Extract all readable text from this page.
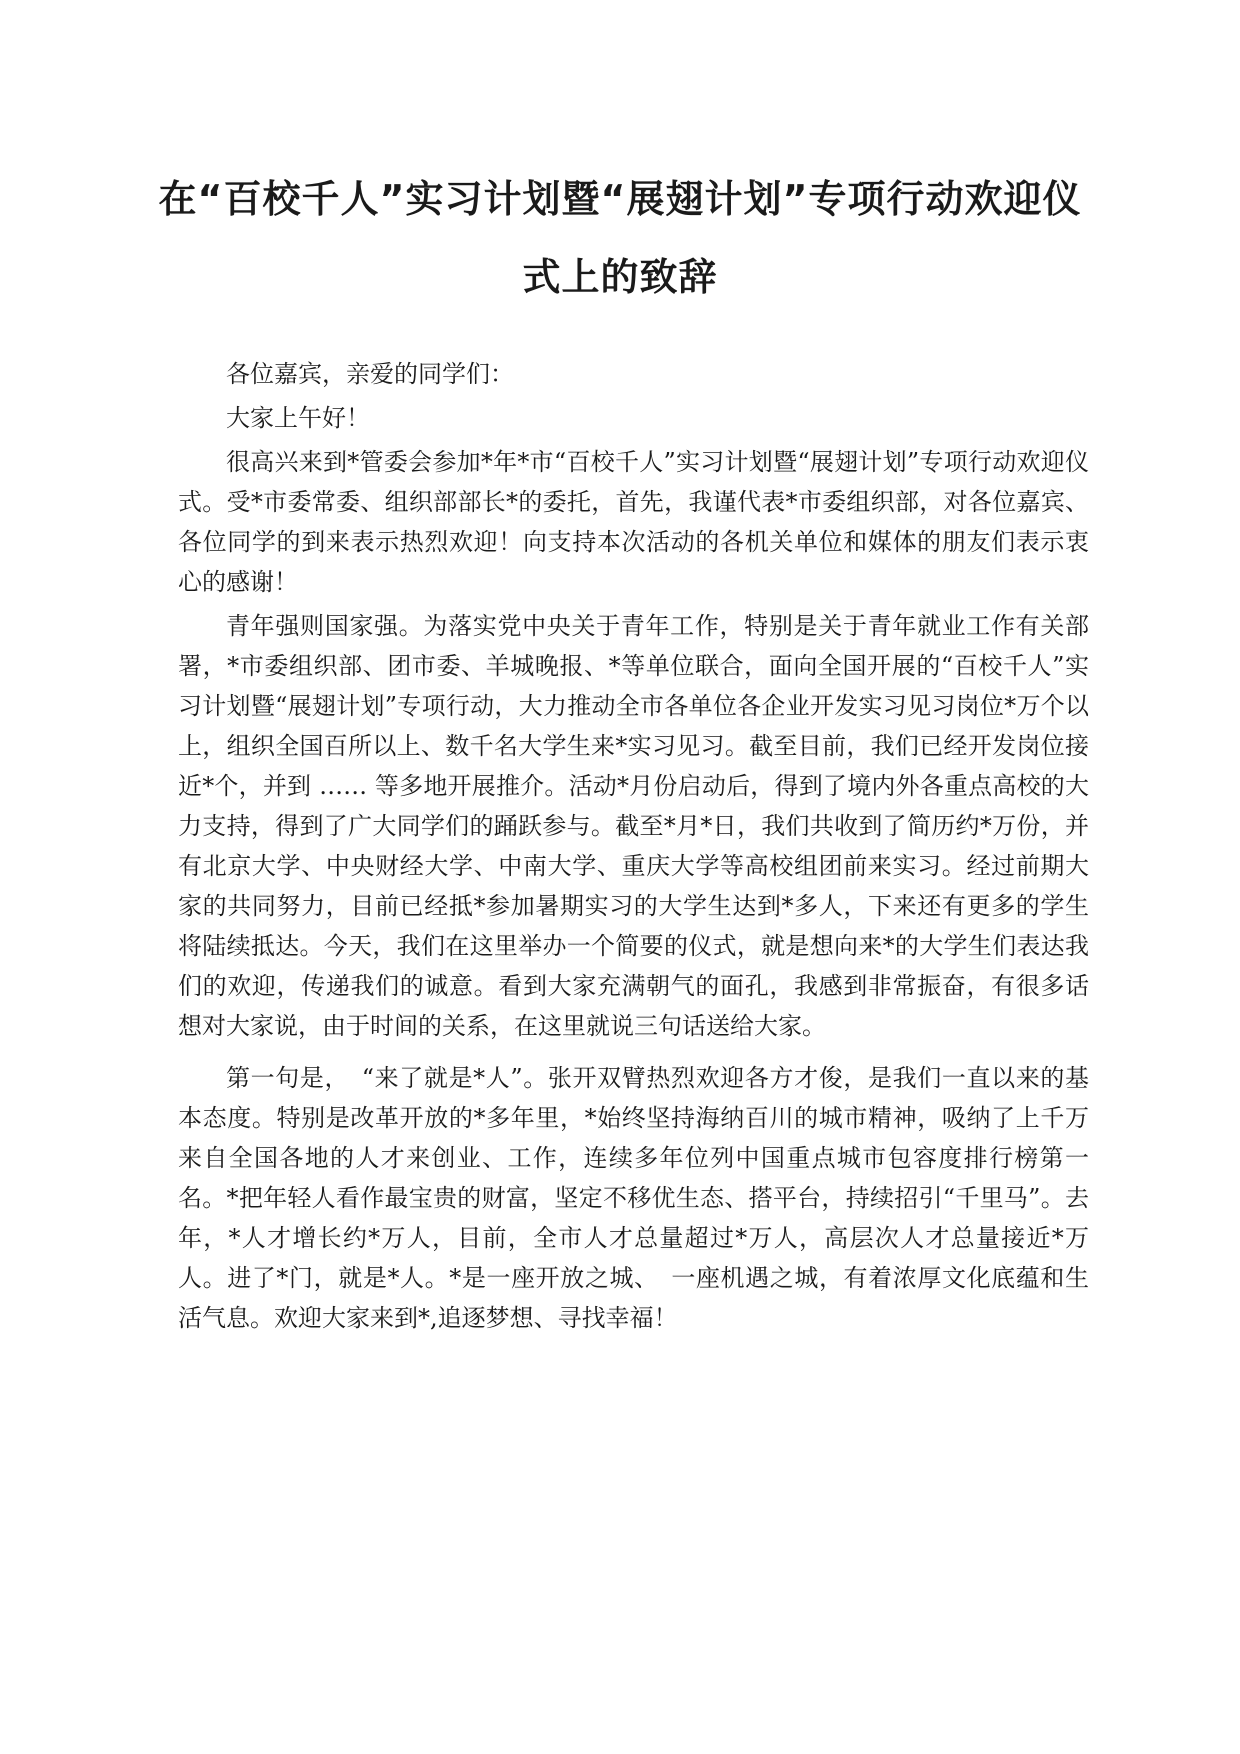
在“百校千人”实习计划暨“展翅计划”专项行动欢迎仪式上的致辞

各位嘉宾，亲爱的同学们：

大家上午好！

很高兴来到*管委会参加*年*市“百校千人”实习计划暨“展翅计划”专项行动欢迎仪式。受*市委常委、组织部部长*的委托，首先，我谨代表*市委组织部，对各位嘉宾、各位同学的到来表示热烈欢迎！向支持本次活动的各机关单位和媒体的朋友们表示衷心的感谢！

青年强则国家强。为落实党中央关于青年工作，特别是关于青年就业工作有关部署，*市委组织部、团市委、羊城晚报、*等单位联合，面向全国开展的“百校千人”实习计划暨“展翅计划”专项行动，大力推动全市各单位各企业开发实习见习岗位*万个以上，组织全国百所以上、数千名大学生来*实习见习。截至目前，我们已经开发岗位接近*个，并到 …… 等多地开展推介。活动*月份启动后，得到了境内外各重点高校的大力支持，得到了广大同学们的踊跃参与。截至*月*日，我们共收到了简历约*万份，并有北京大学、中央财经大学、中南大学、重庆大学等高校组团前来实习。经过前期大家的共同努力，目前已经抵*参加暑期实习的大学生达到*多人，下来还有更多的学生将陆续抵达。今天，我们在这里举办一个简要的仪式，就是想向来*的大学生们表达我们的欢迎，传递我们的诚意。看到大家充满朝气的面孔，我感到非常振奋，有很多话想对大家说，由于时间的关系，在这里就说三句话送给大家。

第一句是，　“来了就是*人”。张开双臂热烈欢迎各方才俊，是我们一直以来的基本态度。特别是改革开放的*多年里，*始终坚持海纳百川的城市精神，吸纳了上千万来自全国各地的人才来创业、工作，连续多年位列中国重点城市包容度排行榜第一名。*把年轻人看作最宝贵的财富，坚定不移优生态、搭平台，持续招引“千里马”。去年，*人才增长约*万人，目前，全市人才总量超过*万人，高层次人才总量接近*万人。进了*门，就是*人。*是一座开放之城、　一座机遇之城，有着浓厚文化底蕴和生活气息。欢迎大家来到*,追逐梦想、寻找幸福！
